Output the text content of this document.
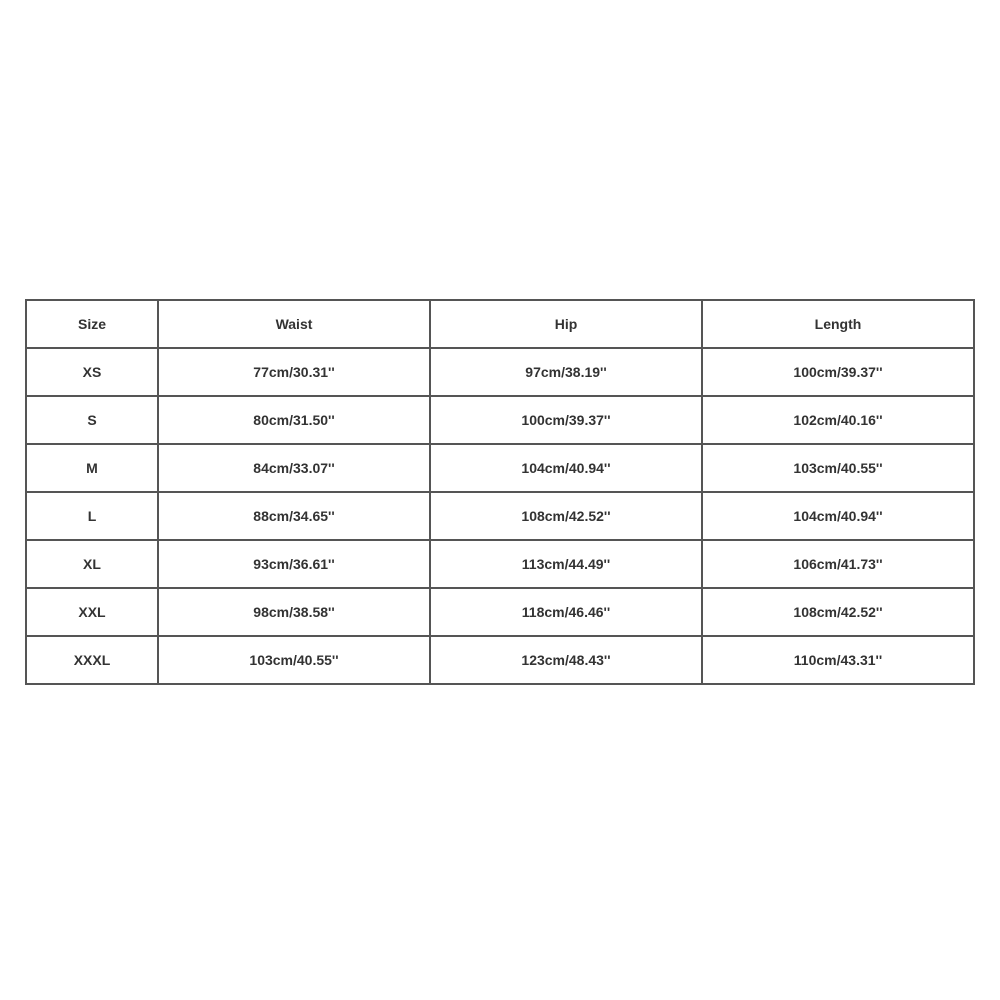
Size	Waist	Hip	Length
XS	77cm/30.31''	97cm/38.19''	100cm/39.37''
S	80cm/31.50''	100cm/39.37''	102cm/40.16''
M	84cm/33.07''	104cm/40.94''	103cm/40.55''
L	88cm/34.65''	108cm/42.52''	104cm/40.94''
XL	93cm/36.61''	113cm/44.49''	106cm/41.73''
XXL	98cm/38.58''	118cm/46.46''	108cm/42.52''
XXXL	103cm/40.55''	123cm/48.43''	110cm/43.31''
